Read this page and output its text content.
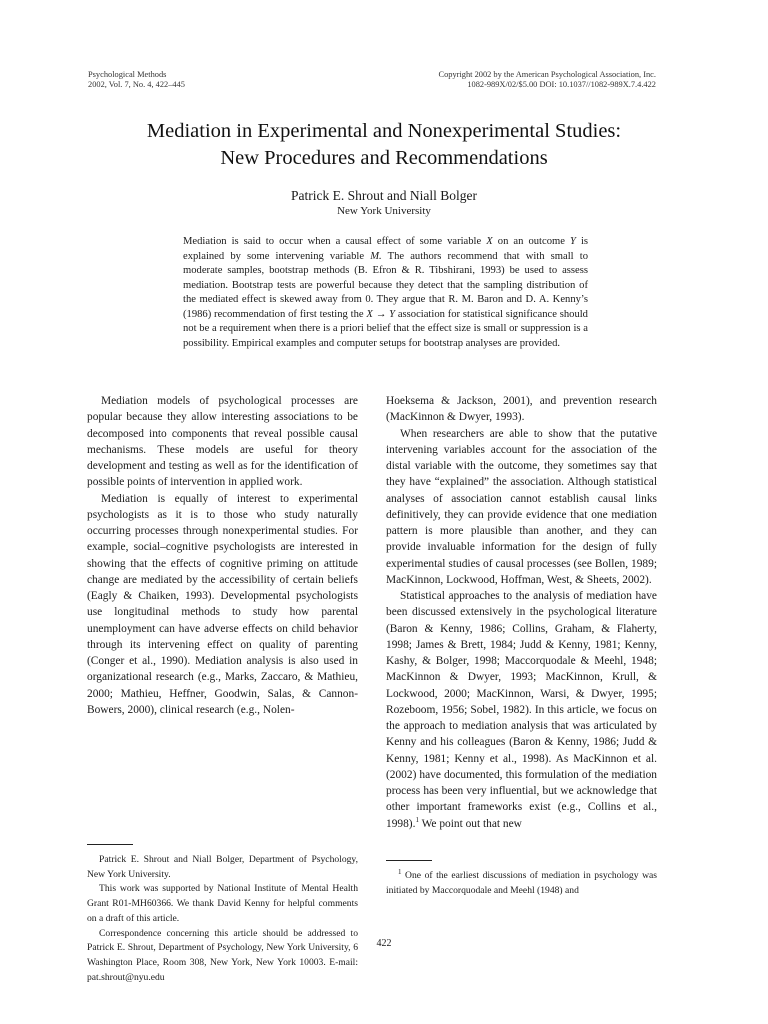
Psychological Methods
2002, Vol. 7, No. 4, 422–445
Copyright 2002 by the American Psychological Association, Inc.
1082-989X/02/$5.00 DOI: 10.1037//1082-989X.7.4.422
Mediation in Experimental and Nonexperimental Studies:
New Procedures and Recommendations
Patrick E. Shrout and Niall Bolger
New York University

Mediation is said to occur when a causal effect of some variable X on an outcome Y is explained by some intervening variable M. The authors recommend that with small to moderate samples, bootstrap methods (B. Efron & R. Tibshirani, 1993) be used to assess mediation. Bootstrap tests are powerful because they detect that the sampling distribution of the mediated effect is skewed away from 0. They argue that R. M. Baron and D. A. Kenny’s (1986) recommendation of first testing the X → Y association for statistical significance should not be a requirement when there is a priori belief that the effect size is small or suppression is a possibility. Empirical examples and computer setups for bootstrap analyses are provided.

Mediation models of psychological processes are popular because they allow interesting associations to be decomposed into components that reveal possible causal mechanisms. These models are useful for theory development and testing as well as for the identification of possible points of intervention in applied work.

Mediation is equally of interest to experimental psychologists as it is to those who study naturally occurring processes through nonexperimental studies. For example, social–cognitive psychologists are interested in showing that the effects of cognitive priming on attitude change are mediated by the accessibility of certain beliefs (Eagly & Chaiken, 1993). Developmental psychologists use longitudinal methods to study how parental unemployment can have adverse effects on child behavior through its intervening effect on quality of parenting (Conger et al., 1990). Mediation analysis is also used in organizational research (e.g., Marks, Zaccaro, & Mathieu, 2000; Mathieu, Heffner, Goodwin, Salas, & Cannon-Bowers, 2000), clinical research (e.g., Nolen-

Hoeksema & Jackson, 2001), and prevention research (MacKinnon & Dwyer, 1993).

When researchers are able to show that the putative intervening variables account for the association of the distal variable with the outcome, they sometimes say that they have “explained” the association. Although statistical analyses of association cannot establish causal links definitively, they can provide evidence that one mediation pattern is more plausible than another, and they can provide invaluable information for the design of fully experimental studies of causal processes (see Bollen, 1989; MacKinnon, Lockwood, Hoffman, West, & Sheets, 2002).

Statistical approaches to the analysis of mediation have been discussed extensively in the psychological literature (Baron & Kenny, 1986; Collins, Graham, & Flaherty, 1998; James & Brett, 1984; Judd & Kenny, 1981; Kenny, Kashy, & Bolger, 1998; Maccorquodale & Meehl, 1948; MacKinnon & Dwyer, 1993; MacKinnon, Krull, & Lockwood, 2000; MacKinnon, Warsi, & Dwyer, 1995; Rozeboom, 1956; Sobel, 1982). In this article, we focus on the approach to mediation analysis that was articulated by Kenny and his colleagues (Baron & Kenny, 1986; Judd & Kenny, 1981; Kenny et al., 1998). As MacKinnon et al. (2002) have documented, this formulation of the mediation process has been very influential, but we acknowledge that other important frameworks exist (e.g., Collins et al., 1998).$^1$ We point out that new

Patrick E. Shrout and Niall Bolger, Department of Psychology, New York University.

This work was supported by National Institute of Mental Health Grant R01-MH60366. We thank David Kenny for helpful comments on a draft of this article.

Correspondence concerning this article should be addressed to Patrick E. Shrout, Department of Psychology, New York University, 6 Washington Place, Room 308, New York, New York 10003. E-mail: pat.shrout@nyu.edu

$^1$ One of the earliest discussions of mediation in psychology was initiated by Maccorquodale and Meehl (1948) and

422
